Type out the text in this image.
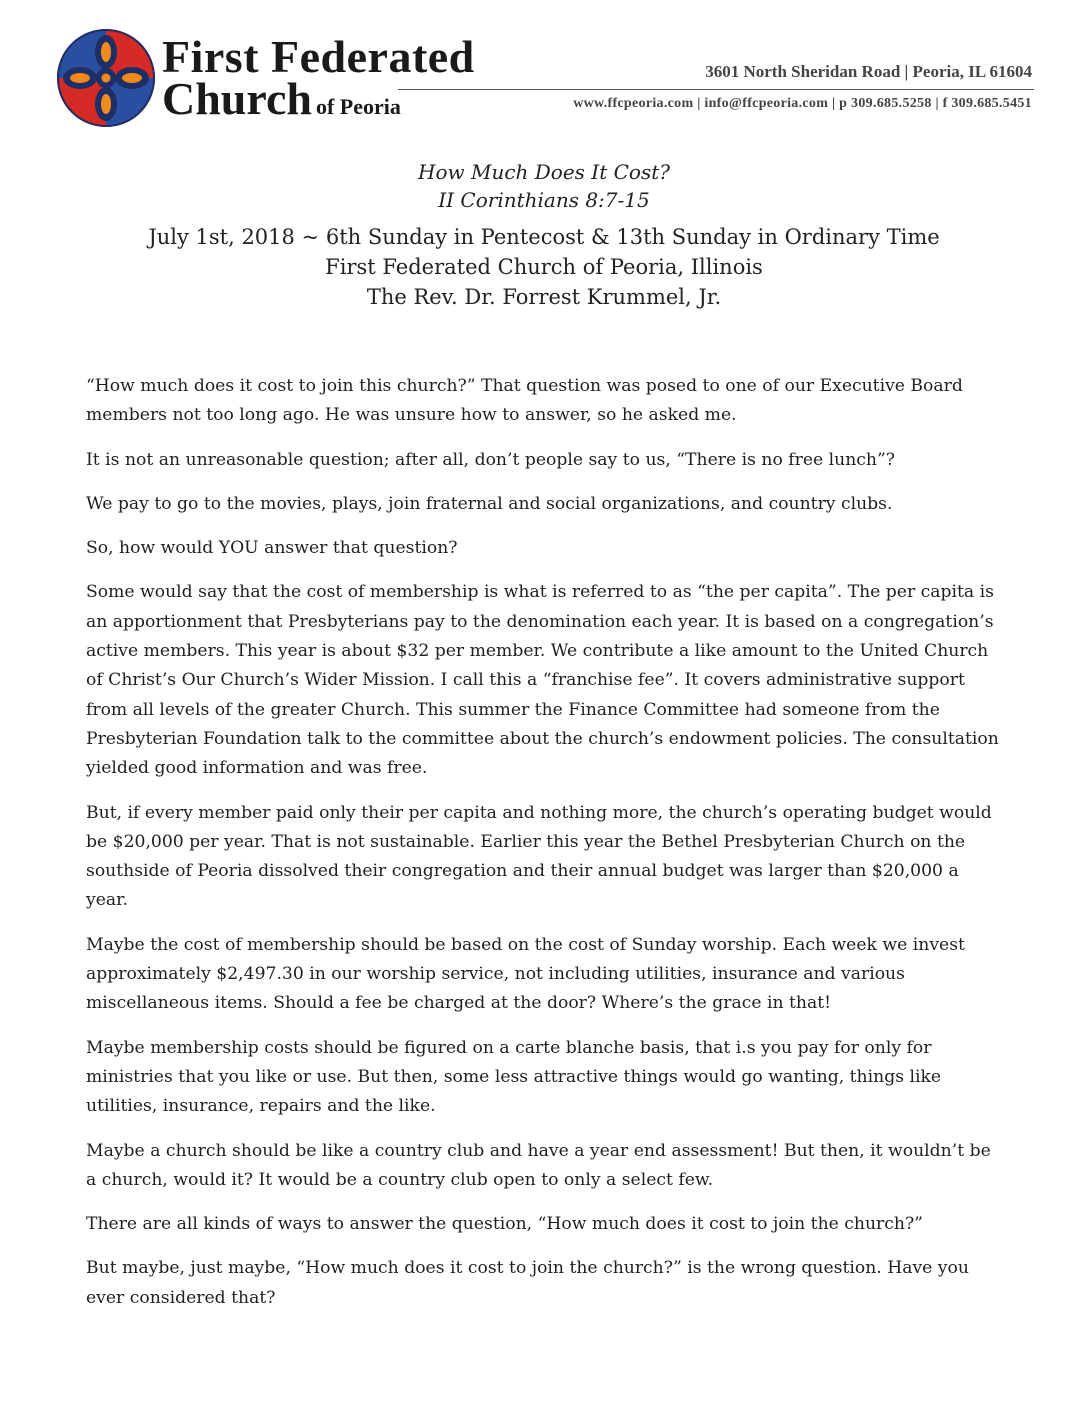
First Federated
Church of Peoria
3601 North Sheridan Road | Peoria, IL 61604
www.ffcpeoria.com | info@ffcpeoria.com | p 309.685.5258 | f 309.685.5451
How Much Does It Cost?
II Corinthians 8:7-15
July 1st, 2018 ~ 6th Sunday in Pentecost & 13th Sunday in Ordinary Time
First Federated Church of Peoria, Illinois
The Rev. Dr. Forrest Krummel, Jr.

“How much does it cost to join this church?” That question was posed to one of our Executive Board members not too long ago. He was unsure how to answer, so he asked me.

It is not an unreasonable question; after all, don’t people say to us, “There is no free lunch”?

We pay to go to the movies, plays, join fraternal and social organizations, and country clubs.

So, how would YOU answer that question?

Some would say that the cost of membership is what is referred to as “the per capita”. The per capita is an apportionment that Presbyterians pay to the denomination each year. It is based on a congregation’s active members. This year is about $32 per member. We contribute a like amount to the United Church of Christ’s Our Church’s Wider Mission. I call this a “franchise fee”. It covers administrative support from all levels of the greater Church. This summer the Finance Committee had someone from the Presbyterian Foundation talk to the committee about the church’s endowment policies. The consultation yielded good information and was free.

But, if every member paid only their per capita and nothing more, the church’s operating budget would be $20,000 per year. That is not sustainable. Earlier this year the Bethel Presbyterian Church on the southside of Peoria dissolved their congregation and their annual budget was larger than $20,000 a year.

Maybe the cost of membership should be based on the cost of Sunday worship. Each week we invest approximately $2,497.30 in our worship service, not including utilities, insurance and various miscellaneous items. Should a fee be charged at the door? Where’s the grace in that!

Maybe membership costs should be figured on a carte blanche basis, that i.s you pay for only for ministries that you like or use. But then, some less attractive things would go wanting, things like utilities, insurance, repairs and the like.

Maybe a church should be like a country club and have a year end assessment! But then, it wouldn’t be a church, would it? It would be a country club open to only a select few.

There are all kinds of ways to answer the question, “How much does it cost to join the church?”

But maybe, just maybe, “How much does it cost to join the church?” is the wrong question. Have you ever considered that?
